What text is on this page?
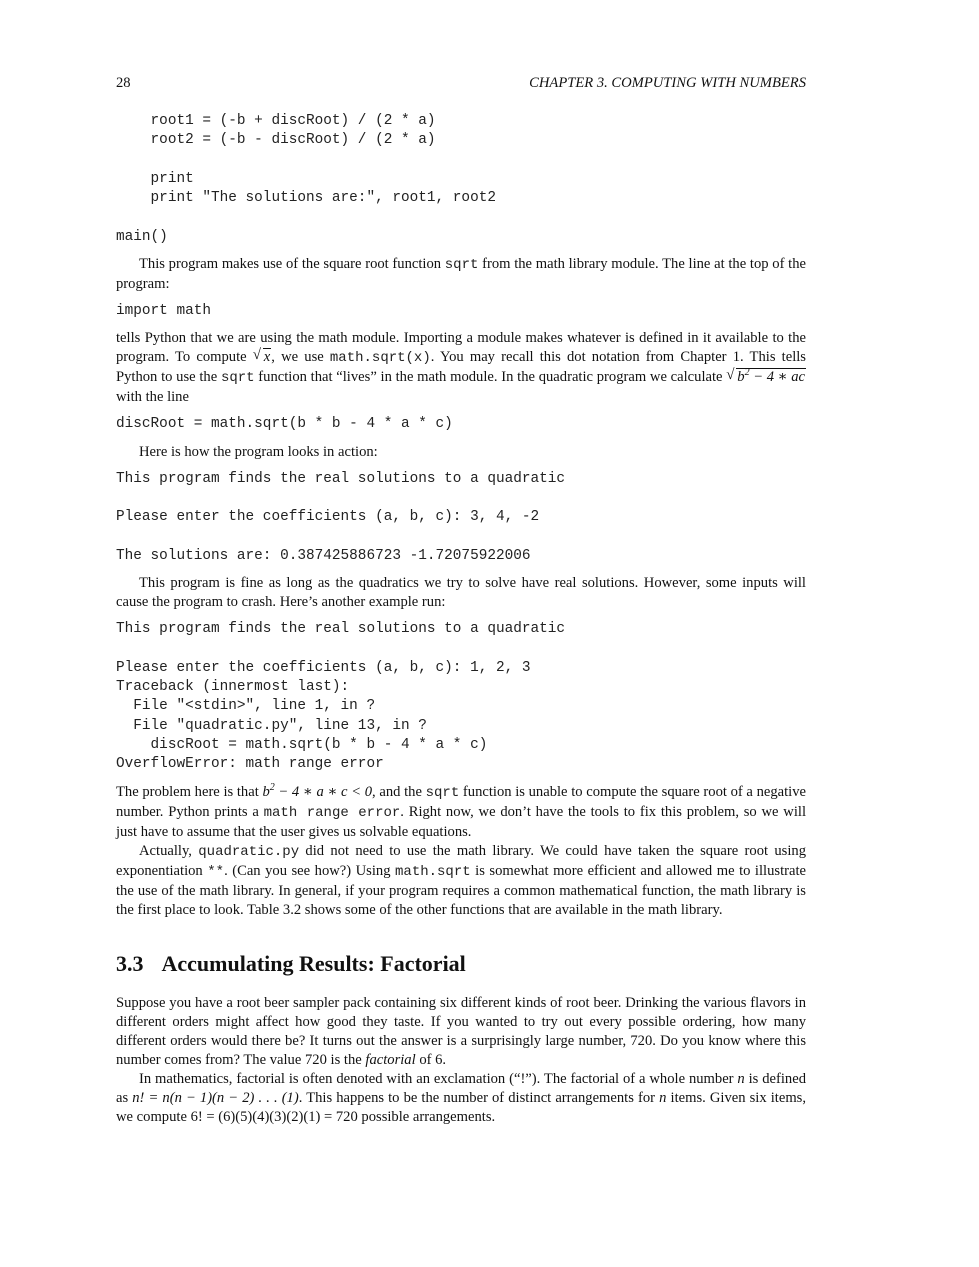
28	CHAPTER 3. COMPUTING WITH NUMBERS
root1 = (-b + discRoot) / (2 * a)
root2 = (-b - discRoot) / (2 * a)

print
print "The solutions are:", root1, root2

main()

This program makes use of the square root function sqrt from the math library module. The line at the top of the program:

import math

tells Python that we are using the math module. Importing a module makes whatever is defined in it available to the program. To compute √ x, we use math.sqrt(x). You may recall this dot notation from Chapter 1. This tells Python to use the sqrt function that “lives” in the math module. In the quadratic program we calculate √ $b^2 - 4$ ∗ ac with the line

discRoot = math.sqrt(b * b - 4 * a * c)

Here is how the program looks in action:

This program finds the real solutions to a quadratic

Please enter the coefficients (a, b, c): 3, 4, -2

The solutions are: 0.387425886723 -1.72075922006

This program is fine as long as the quadratics we try to solve have real solutions. However, some inputs will cause the program to crash. Here’s another example run:

This program finds the real solutions to a quadratic

Please enter the coefficients (a, b, c): 1, 2, 3
Traceback (innermost last):
File "<stdin>", line 1, in ?
File "quadratic.py", line 13, in ?
discRoot = math.sqrt(b * b - 4 * a * c)
OverflowError: math range error

The problem here is that $b^2 - 4$ ∗ a ∗ c < 0, and the sqrt function is unable to compute the square root of a negative number. Python prints a math range error. Right now, we don’t have the tools to fix this problem, so we will just have to assume that the user gives us solvable equations.

Actually, quadratic.py did not need to use the math library. We could have taken the square root using exponentiation **. (Can you see how?) Using math.sqrt is somewhat more efficient and allowed me to illustrate the use of the math library. In general, if your program requires a common mathematical function, the math library is the first place to look. Table 3.2 shows some of the other functions that are available in the math library.

3.3 Accumulating Results: Factorial

Suppose you have a root beer sampler pack containing six different kinds of root beer. Drinking the various flavors in different orders might affect how good they taste. If you wanted to try out every possible ordering, how many different orders would there be? It turns out the answer is a surprisingly large number, 720. Do you know where this number comes from? The value 720 is the factorial of 6.

In mathematics, factorial is often denoted with an exclamation (“!”). The factorial of a whole number n is defined as n! = n(n − 1)(n − 2) . . . (1). This happens to be the number of distinct arrangements for n items. Given six items, we compute 6! = (6)(5)(4)(3)(2)(1) = 720 possible arrangements.
